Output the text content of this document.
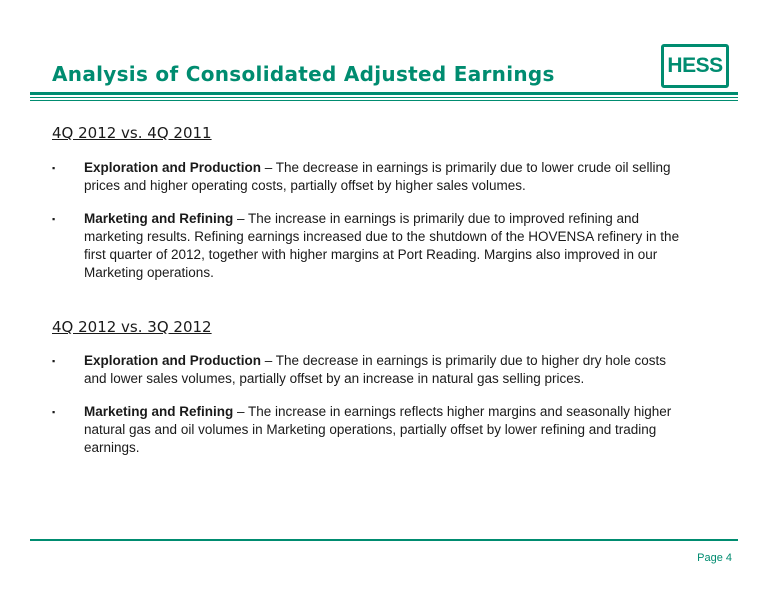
Analysis of Consolidated Adjusted Earnings	HESS
4Q 2012 vs. 4Q 2011
▪ Exploration and Production – The decrease in earnings is primarily due to lower crude oil selling prices and higher operating costs, partially offset by higher sales volumes.
▪ Marketing and Refining – The increase in earnings is primarily due to improved refining and marketing results. Refining earnings increased due to the shutdown of the HOVENSA refinery in the first quarter of 2012, together with higher margins at Port Reading. Margins also improved in our Marketing operations.
4Q 2012 vs. 3Q 2012
▪ Exploration and Production – The decrease in earnings is primarily due to higher dry hole costs and lower sales volumes, partially offset by an increase in natural gas selling prices.
▪ Marketing and Refining – The increase in earnings reflects higher margins and seasonally higher natural gas and oil volumes in Marketing operations, partially offset by lower refining and trading earnings.
Page 4
